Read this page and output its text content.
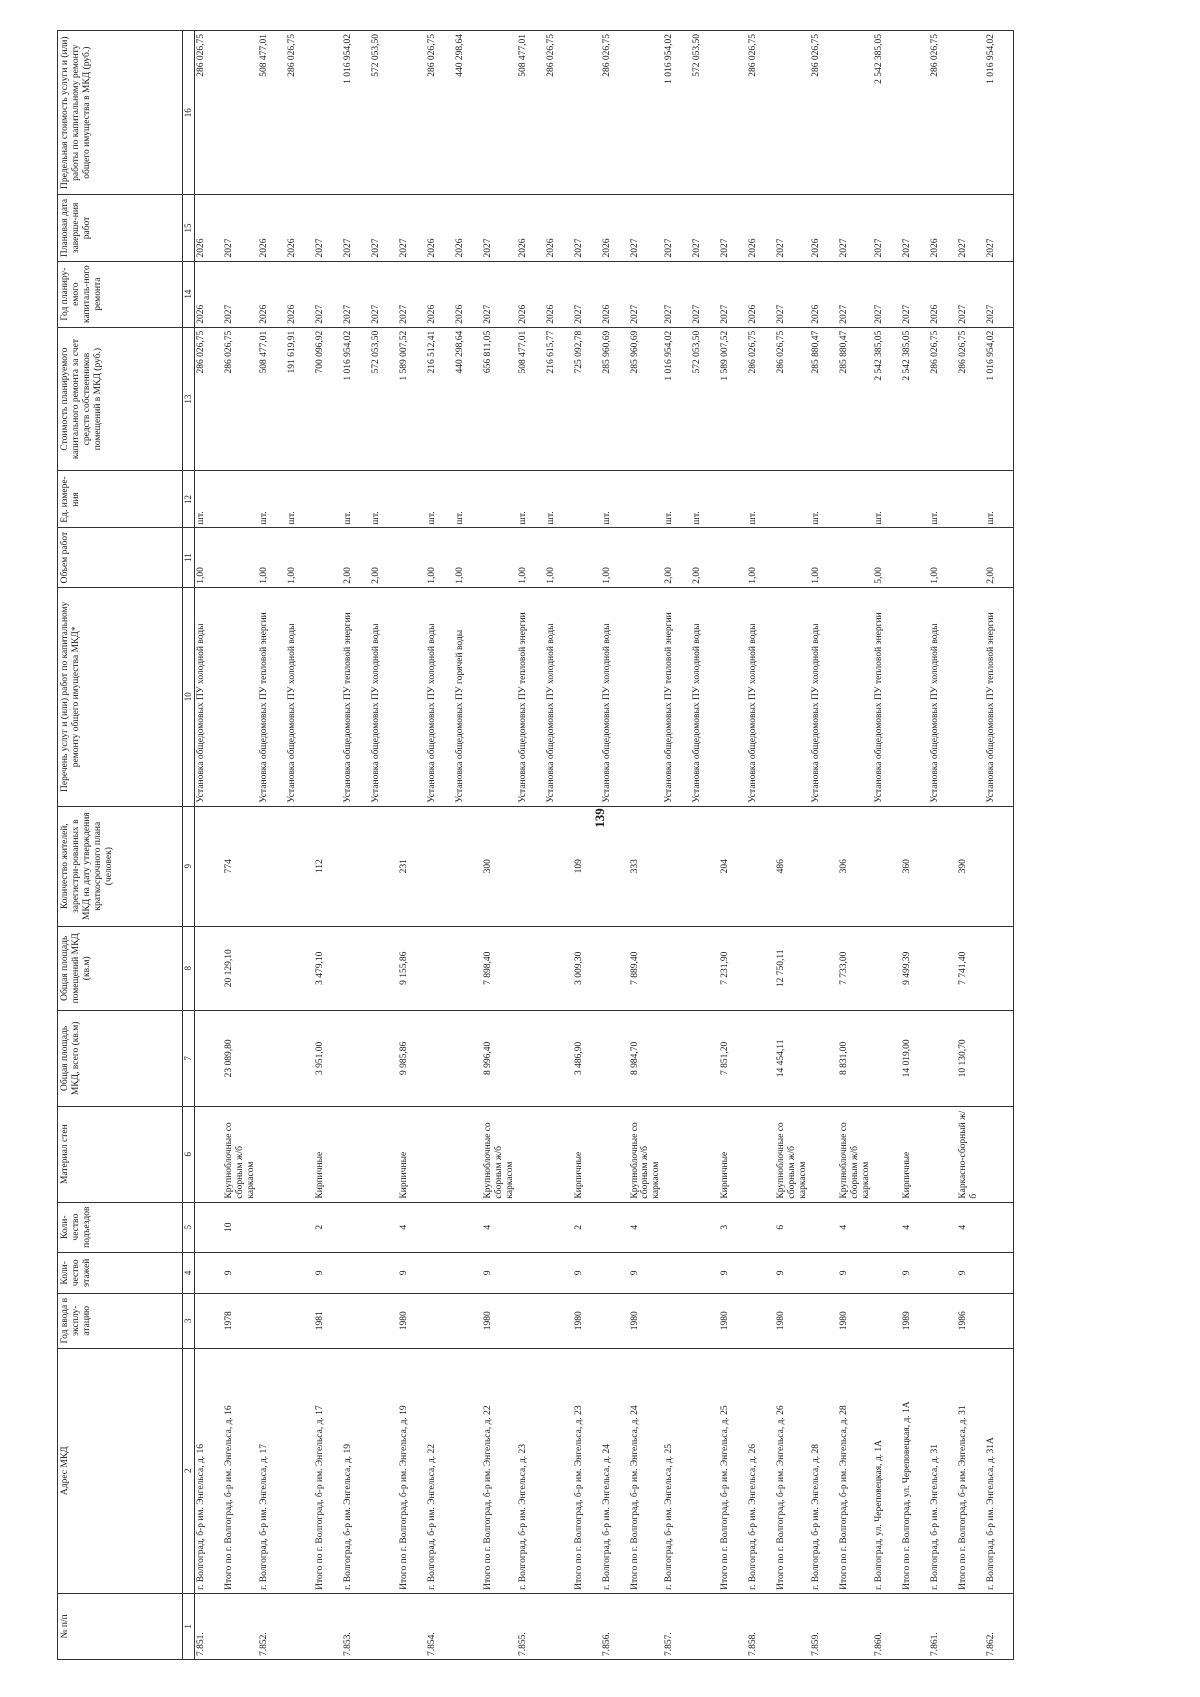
139
№ п/п	Адрес МКД	Год ввода в эксплу-атацию	Коли-чество этажей	Коли-чество подъездов	Материал стен	Общая площадь МКД, всего (кв.м)	Общая площадь помещений МКД (кв.м)	Количество жителей, зарегистри-рованных в МКД на дату утверждения краткосрочного плана (человек)	Перечень услуг и (или) работ по капитальному ремонту общего имущества МКД*	Объем работ	Ед. измере-ния	Стоимость планируемого капитального ремонта за счет средств собственников помещений в МКД (руб.)	Год планиру-емого капиталь-ного ремонта	Плановая дата заверше-ния работ	Предельная стоимость услуги и (или) работы по капитальному ремонту общего имущества в МКД (руб.)
1	2	3	4	5	6	7	8	9	10	11	12	13	14	15	16
7.851.	г. Волгоград, б-р им. Энгельса, д. 16								Установка общедомовых ПУ холодной воды	1,00	шт.	286 026,75	2026	2026	286 026,75
	Итого по г. Волгоград, б-р им. Энгельса, д. 16	1978	9	10	Крупноблочные со сборным ж/б каркасом	23 089,80	20 129,10	774				286 026,75	2027	2027	
7.852.	г. Волгоград, б-р им. Энгельса, д. 17								Установка общедомовых ПУ тепловой энергии	1,00	шт.	508 477,01	2026	2026	508 477,01
									Установка общедомовых ПУ холодной воды	1,00	шт.	191 619,91	2026	2026	286 026,75
	Итого по г. Волгоград, б-р им. Энгельса, д. 17	1981	9	2	Кирпичные	3 951,00	3 479,10	112				700 096,92	2027	2027	
7.853.	г. Волгоград, б-р им. Энгельса, д. 19								Установка общедомовых ПУ тепловой энергии	2,00	шт.	1 016 954,02	2027	2027	1 016 954,02
									Установка общедомовых ПУ холодной воды	2,00	шт.	572 053,50	2027	2027	572 053,50
	Итого по г. Волгоград, б-р им. Энгельса, д. 19	1980	9	4	Кирпичные	9 985,86	9 155,86	231				1 589 007,52	2027	2027	
7.854.	г. Волгоград, б-р им. Энгельса, д. 22								Установка общедомовых ПУ холодной воды	1,00	шт.	216 512,41	2026	2026	286 026,75
									Установка общедомовых ПУ горячей воды	1,00	шт.	440 298,64	2026	2026	440 298,64
	Итого по г. Волгоград, б-р им. Энгельса, д. 22	1980	9	4	Крупноблочные со сборным ж/б каркасом	8 996,40	7 898,40	300				656 811,05	2027	2027	
7.855.	г. Волгоград, б-р им. Энгельса, д. 23								Установка общедомовых ПУ тепловой энергии	1,00	шт.	508 477,01	2026	2026	508 477,01
									Установка общедомовых ПУ холодной воды	1,00	шт.	216 615,77	2026	2026	286 026,75
	Итого по г. Волгоград, б-р им. Энгельса, д. 23	1980	9	2	Кирпичные	3 486,90	3 009,30	109				725 092,78	2027	2027	
7.856.	г. Волгоград, б-р им. Энгельса, д. 24								Установка общедомовых ПУ холодной воды	1,00	шт.	285 960,69	2026	2026	286 026,75
	Итого по г. Волгоград, б-р им. Энгельса, д. 24	1980	9	4	Крупноблочные со сборным ж/б каркасом	8 984,70	7 889,40	333				285 960,69	2027	2027	
7.857.	г. Волгоград, б-р им. Энгельса, д. 25								Установка общедомовых ПУ тепловой энергии	2,00	шт.	1 016 954,02	2027	2027	1 016 954,02
									Установка общедомовых ПУ холодной воды	2,00	шт.	572 053,50	2027	2027	572 053,50
	Итого по г. Волгоград, б-р им. Энгельса, д. 25	1980	9	3	Кирпичные	7 851,20	7 231,90	204				1 589 007,52	2027	2027	
7.858.	г. Волгоград, б-р им. Энгельса, д. 26								Установка общедомовых ПУ холодной воды	1,00	шт.	286 026,75	2026	2026	286 026,75
	Итого по г. Волгоград, б-р им. Энгельса, д. 26	1980	9	6	Крупноблочные со сборным ж/б каркасом	14 454,11	12 750,11	486				286 026,75	2027	2027	
7.859.	г. Волгоград, б-р им. Энгельса, д. 28								Установка общедомовых ПУ холодной воды	1,00	шт.	285 880,47	2026	2026	286 026,75
	Итого по г. Волгоград, б-р им. Энгельса, д. 28	1980	9	4	Крупноблочные со сборным ж/б каркасом	8 831,00	7 733,00	306				285 880,47	2027	2027	
7.860.	г. Волгоград, ул. Череповецкая, д. 1А								Установка общедомовых ПУ тепловой энергии	5,00	шт.	2 542 385,05	2027	2027	2 542 385,05
	Итого по г. Волгоград, ул. Череповецкая, д. 1А	1989	9	4	Кирпичные	14 019,00	9 499,39	360				2 542 385,05	2027	2027	
7.861.	г. Волгоград, б-р им. Энгельса, д. 31								Установка общедомовых ПУ холодной воды	1,00	шт.	286 026,75	2026	2026	286 026,75
	Итого по г. Волгоград, б-р им. Энгельса, д. 31	1986	9	4	Каркасно-сборный ж/б	10 130,70	7 741,40	390				286 026,75	2027	2027	
7.862.	г. Волгоград, б-р им. Энгельса, д. 31А								Установка общедомовых ПУ тепловой энергии	2,00	шт.	1 016 954,02	2027	2027	1 016 954,02
